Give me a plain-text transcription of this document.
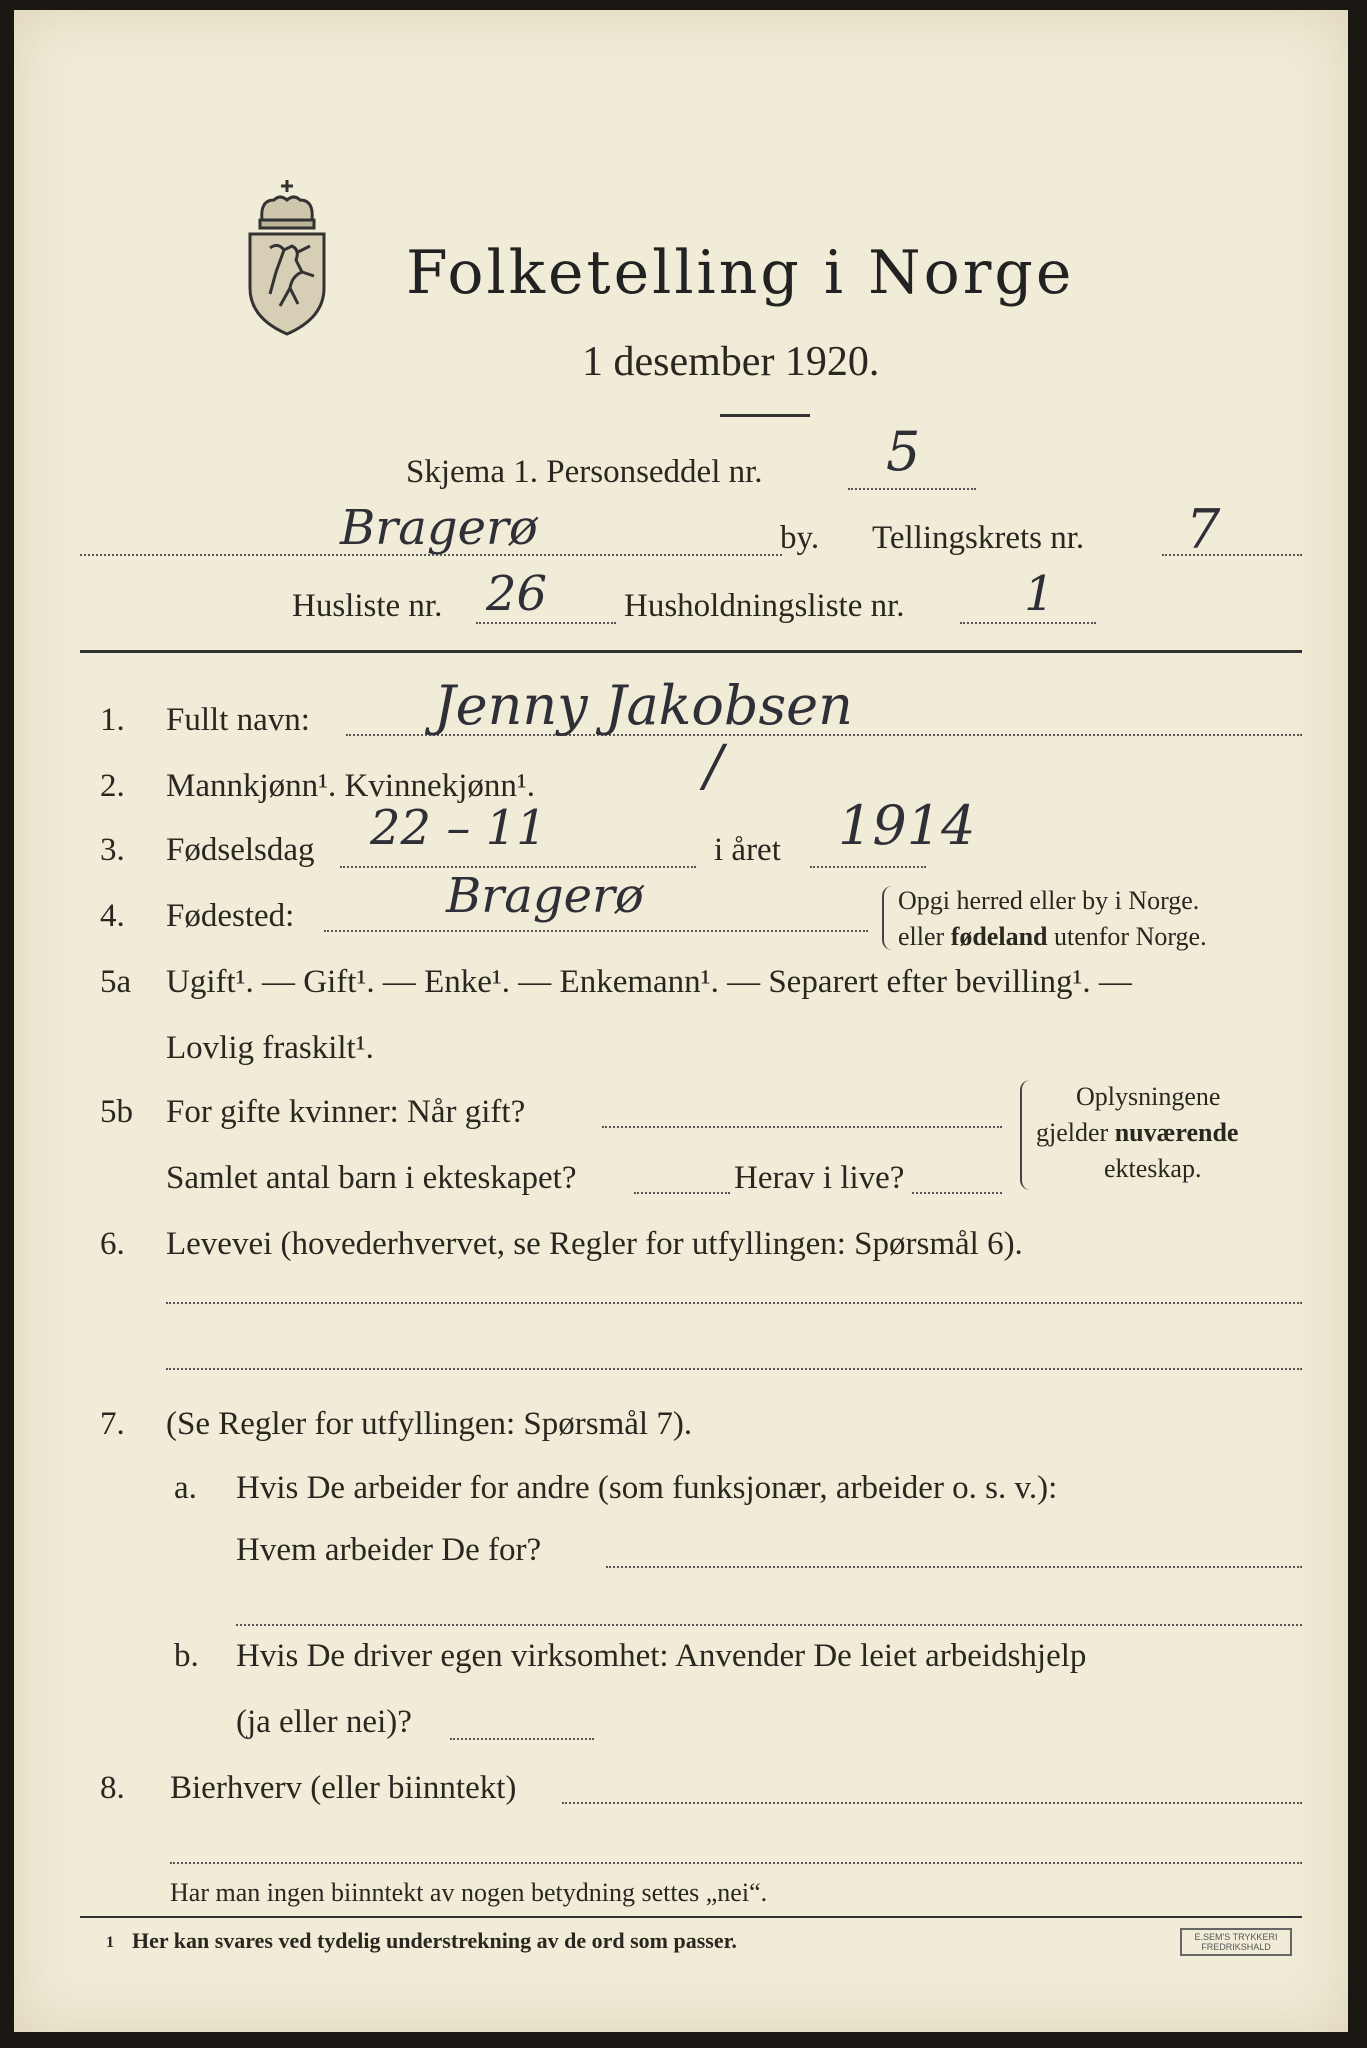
Folketelling i Norge
1 desember 1920.
Skjema 1. Personseddel nr. 5
Bragerø	by. Tellingskrets nr. 7
Husliste nr. 26 Husholdningsliste nr. 1
1. Fullt navn: Jenny Jakobsen
2. Mannkjønn¹. Kvinnekjønn¹.	/
3. Fødselsdag 22 – 11	i året 1914
4. Fødested:	Bragerø	Opgi herred eller by i Norge.
eller fødeland utenfor Norge.
5a Ugift¹. — Gift¹. — Enke¹. — Enkemann¹. — Separert efter bevilling¹. —
Lovlig fraskilt¹.
5b For gifte kvinner: Når gift?
Samlet antal barn i ekteskapet?	Herav i live?
Oplysningene
gjelder nuværende
ekteskap.
6. Levevei (hovederhvervet, se Regler for utfyllingen: Spørsmål 6).
7. (Se Regler for utfyllingen: Spørsmål 7).
a. Hvis De arbeider for andre (som funksjonær, arbeider o. s. v.):
Hvem arbeider De for?
b. Hvis De driver egen virksomhet: Anvender De leiet arbeidshjelp
(ja eller nei)?
8. Bierhverv (eller biinntekt)
Har man ingen biinntekt av nogen betydning settes „nei“.
1 Her kan svares ved tydelig understrekning av de ord som passer.	E.SEM'S TRYKKERI
FREDRIKSHALD
